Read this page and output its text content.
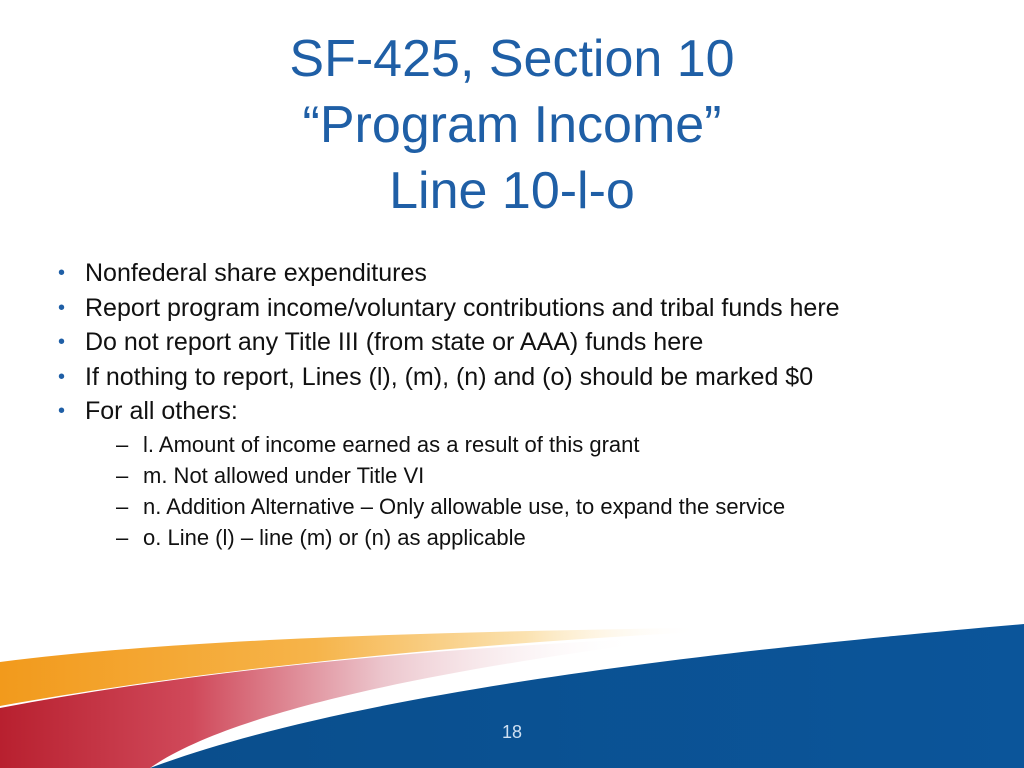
SF-425, Section 10
“Program Income”
Line 10-l-o
• Nonfederal share expenditures
• Report program income/voluntary contributions and tribal funds here
• Do not report any Title III (from state or AAA) funds here
• If nothing to report, Lines (l), (m), (n) and (o) should be marked $0
• For all others:
– l. Amount of income earned as a result of this grant
– m. Not allowed under Title VI
– n. Addition Alternative – Only allowable use, to expand the service
– o. Line (l) – line (m) or (n) as applicable
18
